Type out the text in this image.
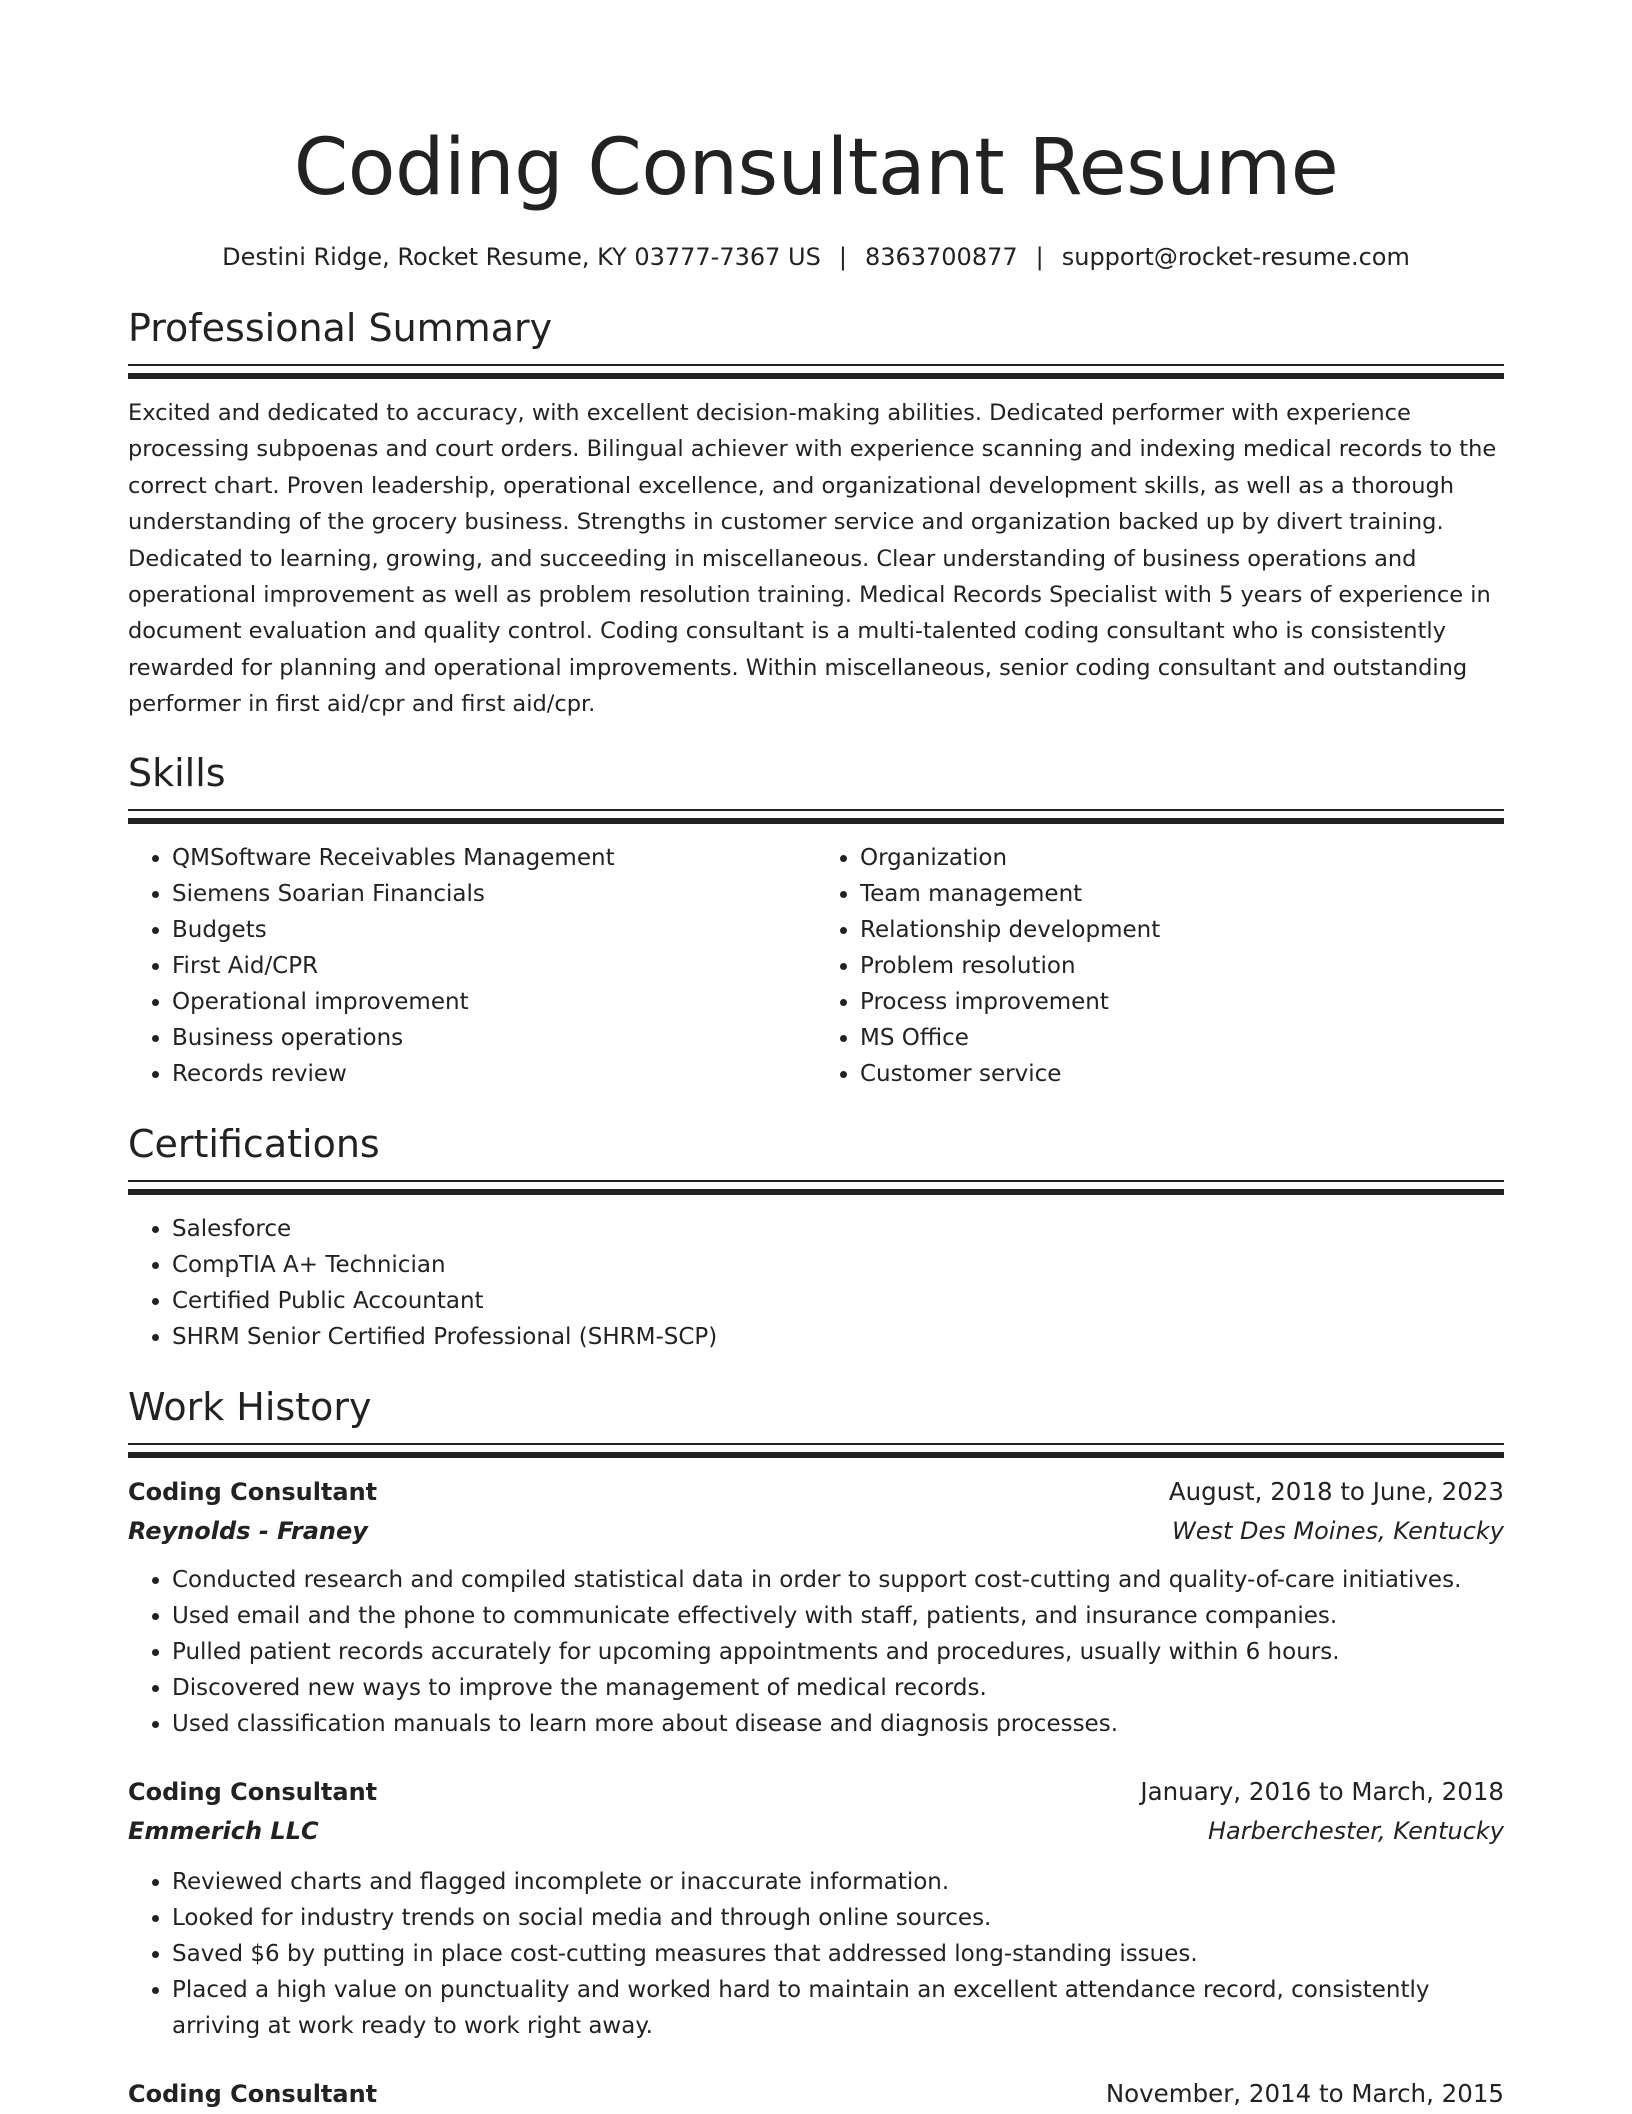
Coding Consultant Resume
Destini Ridge, Rocket Resume, KY 03777-7367 US | 8363700877 | support@rocket-resume.com
Professional Summary

Excited and dedicated to accuracy, with excellent decision-making abilities. Dedicated performer with experience processing subpoenas and court orders. Bilingual achiever with experience scanning and indexing medical records to the correct chart. Proven leadership, operational excellence, and organizational development skills, as well as a thorough understanding of the grocery business. Strengths in customer service and organization backed up by divert training. Dedicated to learning, growing, and succeeding in miscellaneous. Clear understanding of business operations and operational improvement as well as problem resolution training. Medical Records Specialist with 5 years of experience in document evaluation and quality control. Coding consultant is a multi-talented coding consultant who is consistently rewarded for planning and operational improvements. Within miscellaneous, senior coding consultant and outstanding performer in first aid/cpr and first aid/cpr.

Skills
• QMSoftware Receivables Management
• Siemens Soarian Financials
• Budgets
• First Aid/CPR
• Operational improvement
• Business operations
• Records review
• Organization
• Team management
• Relationship development
• Problem resolution
• Process improvement
• MS Office
• Customer service
Certifications
• Salesforce
• CompTIA A+ Technician
• Certified Public Accountant
• SHRM Senior Certified Professional (SHRM-SCP)
Work History
Coding Consultant	August, 2018 to June, 2023
Reynolds - Franey	West Des Moines, Kentucky
• Conducted research and compiled statistical data in order to support cost-cutting and quality-of-care initiatives.
• Used email and the phone to communicate effectively with staff, patients, and insurance companies.
• Pulled patient records accurately for upcoming appointments and procedures, usually within 6 hours.
• Discovered new ways to improve the management of medical records.
• Used classification manuals to learn more about disease and diagnosis processes.
Coding Consultant	January, 2016 to March, 2018
Emmerich LLC	Harberchester, Kentucky
• Reviewed charts and flagged incomplete or inaccurate information.
• Looked for industry trends on social media and through online sources.
• Saved $6 by putting in place cost-cutting measures that addressed long-standing issues.
• Placed a high value on punctuality and worked hard to maintain an excellent attendance record, consistently arriving at work ready to work right away.
Coding Consultant	November, 2014 to March, 2015
